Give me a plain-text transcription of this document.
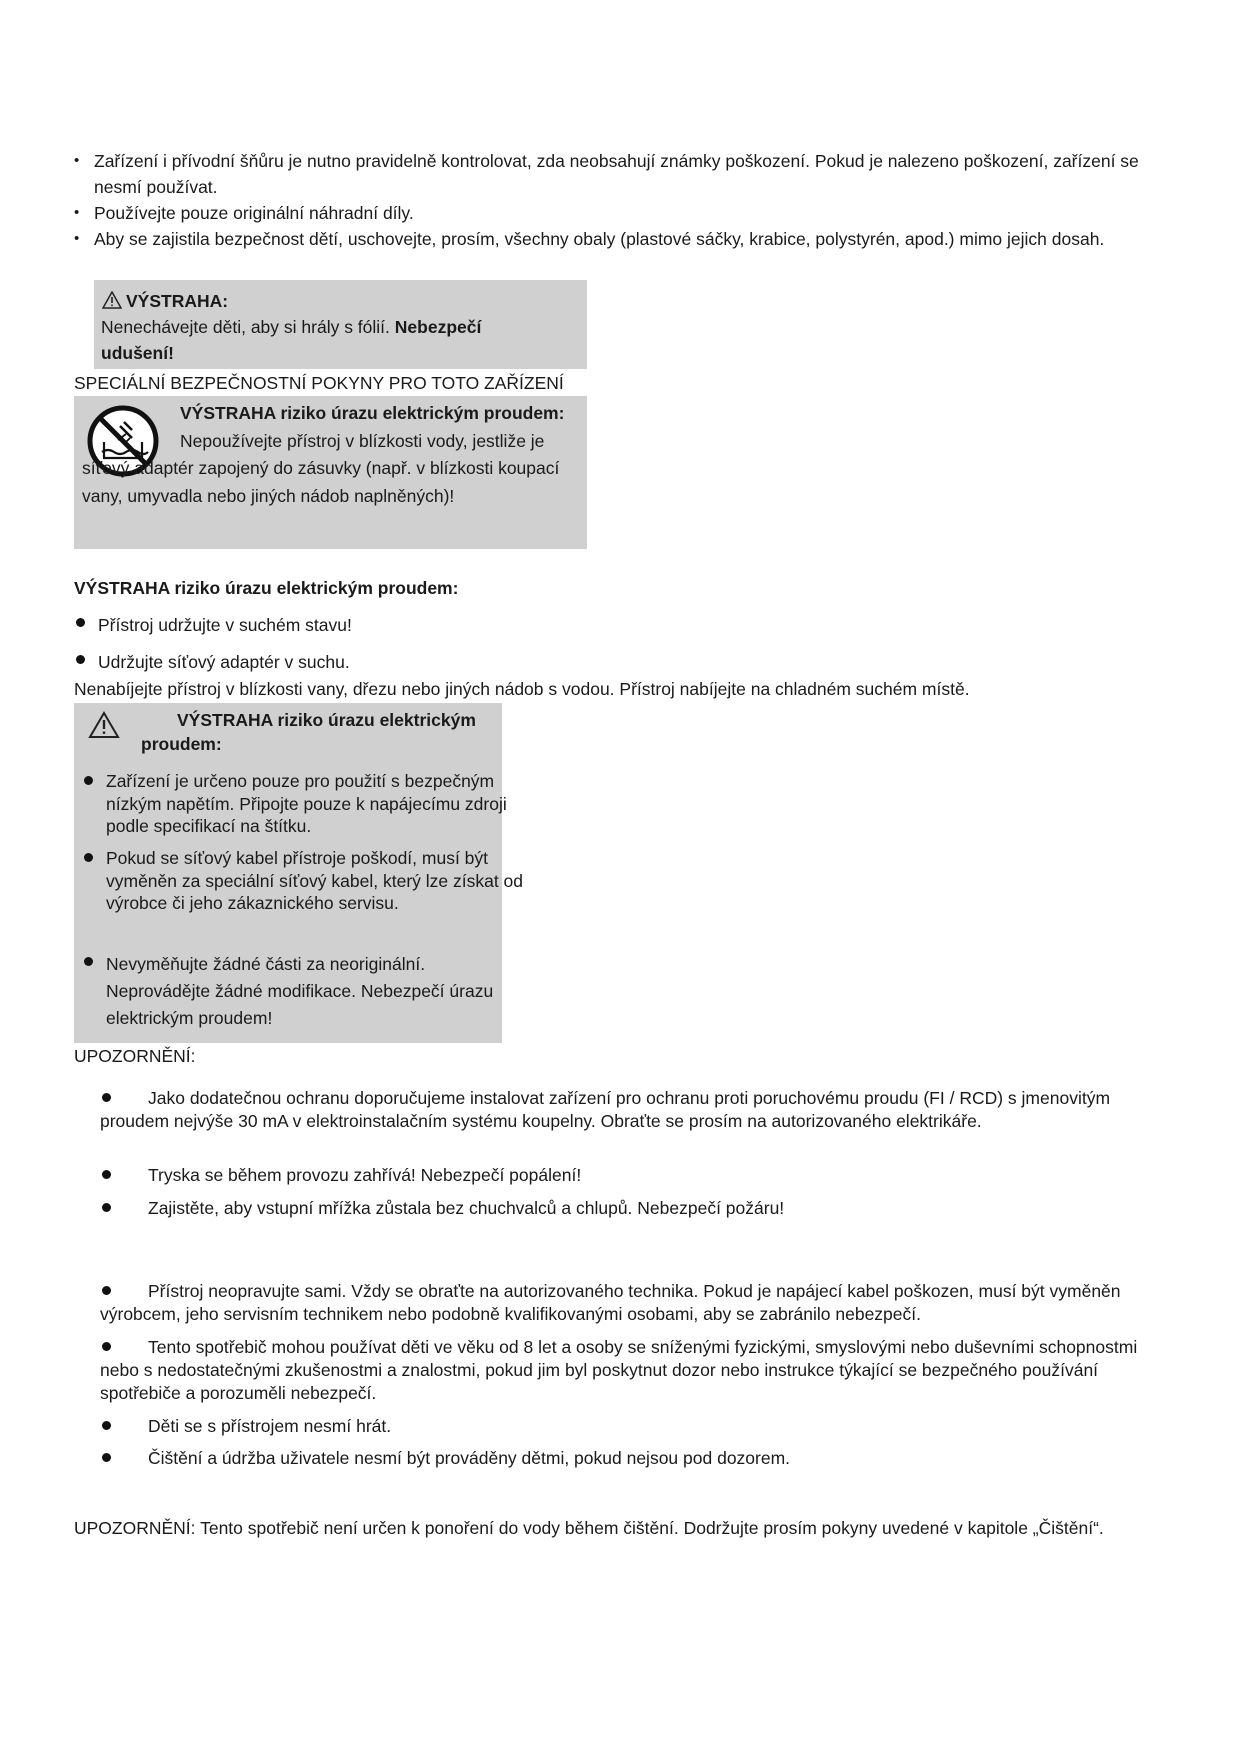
• Zařízení i přívodní šňůru je nutno pravidelně kontrolovat, zda neobsahují známky poškození. Pokud je nalezeno poškození, zařízení se nesmí používat.
• Používejte pouze originální náhradní díly.
• Aby se zajistila bezpečnost dětí, uschovejte, prosím, všechny obaly (plastové sáčky, krabice, polystyrén, apod.) mimo jejich dosah.
VÝSTRAHA:
Nenechávejte děti, aby si hrály s fólií. Nebezpečí udušení!
SPECIÁLNÍ BEZPEČNOSTNÍ POKYNY PRO TOTO ZAŘÍZENÍ
VÝSTRAHA riziko úrazu elektrickým proudem:
Nepoužívejte přístroj v blízkosti vody, jestliže je síťový adaptér zapojený do zásuvky (např. v blízkosti koupací vany, umyvadla nebo jiných nádob naplněných)!
VÝSTRAHA riziko úrazu elektrickým proudem:
Přístroj udržujte v suchém stavu!
Udržujte síťový adaptér v suchu.
Nenabíjejte přístroj v blízkosti vany, dřezu nebo jiných nádob s vodou. Přístroj nabíjejte na chladném suchém místě.
VÝSTRAHA riziko úrazu elektrickým
proudem:
Zařízení je určeno pouze pro použití s bezpečným nízkým napětím. Připojte pouze k napájecímu zdroji podle specifikací na štítku.
Pokud se síťový kabel přístroje poškodí, musí být vyměněn za speciální síťový kabel, který lze získat od výrobce či jeho zákaznického servisu.
Nevyměňujte žádné části za neoriginální. Neprovádějte žádné modifikace. Nebezpečí úrazu elektrickým proudem!
UPOZORNĚNÍ:
Jako dodatečnou ochranu doporučujeme instalovat zařízení pro ochranu proti poruchovému proudu (FI / RCD) s jmenovitým proudem nejvýše 30 mA v elektroinstalačním systému koupelny. Obraťte se prosím na autorizovaného elektrikáře.
Tryska se během provozu zahřívá! Nebezpečí popálení!
Zajistěte, aby vstupní mřížka zůstala bez chuchvalců a chlupů. Nebezpečí požáru!
Přístroj neopravujte sami. Vždy se obraťte na autorizovaného technika. Pokud je napájecí kabel poškozen, musí být vyměněn výrobcem, jeho servisním technikem nebo podobně kvalifikovanými osobami, aby se zabránilo nebezpečí.
Tento spotřebič mohou používat děti ve věku od 8 let a osoby se sníženými fyzickými, smyslovými nebo duševními schopnostmi nebo s nedostatečnými zkušenostmi a znalostmi, pokud jim byl poskytnut dozor nebo instrukce týkající se bezpečného používání spotřebiče a porozuměli nebezpečí.
Děti se s přístrojem nesmí hrát.
Čištění a údržba uživatele nesmí být prováděny dětmi, pokud nejsou pod dozorem.
UPOZORNĚNÍ: Tento spotřebič není určen k ponoření do vody během čištění. Dodržujte prosím pokyny uvedené v kapitole „Čištění“.
